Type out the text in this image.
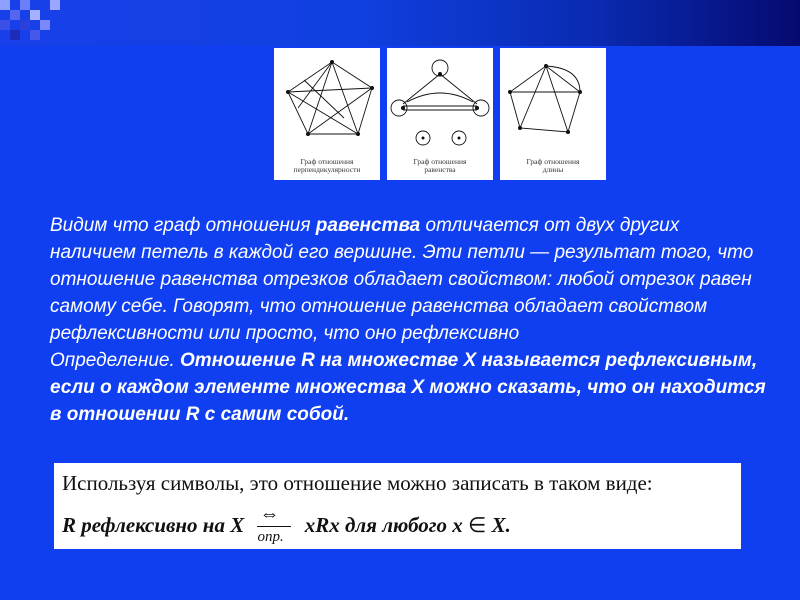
Граф отношения
перпендикулярности
Граф отношения
равенства
Граф отношения
длины

Видим что граф отношения равенства отличается от двух других наличием петель в каждой его вершине. Эти петли — результат того, что отношение равенства отрезков обладает свойством: любой отрезок равен самому себе. Говорят, что отношение равенства обладает свойством рефлексивности или просто, что оно рефлексивно

Определение. Отношение R на множестве X называется рефлексивным, если о каждом элементе множества X можно сказать, что он находится в отношении R с самим собой.

Используя символы, это отношение можно записать в таком виде:
R рефлексивно на X ⇔
опр.
xRx для любого x ∈ X.
